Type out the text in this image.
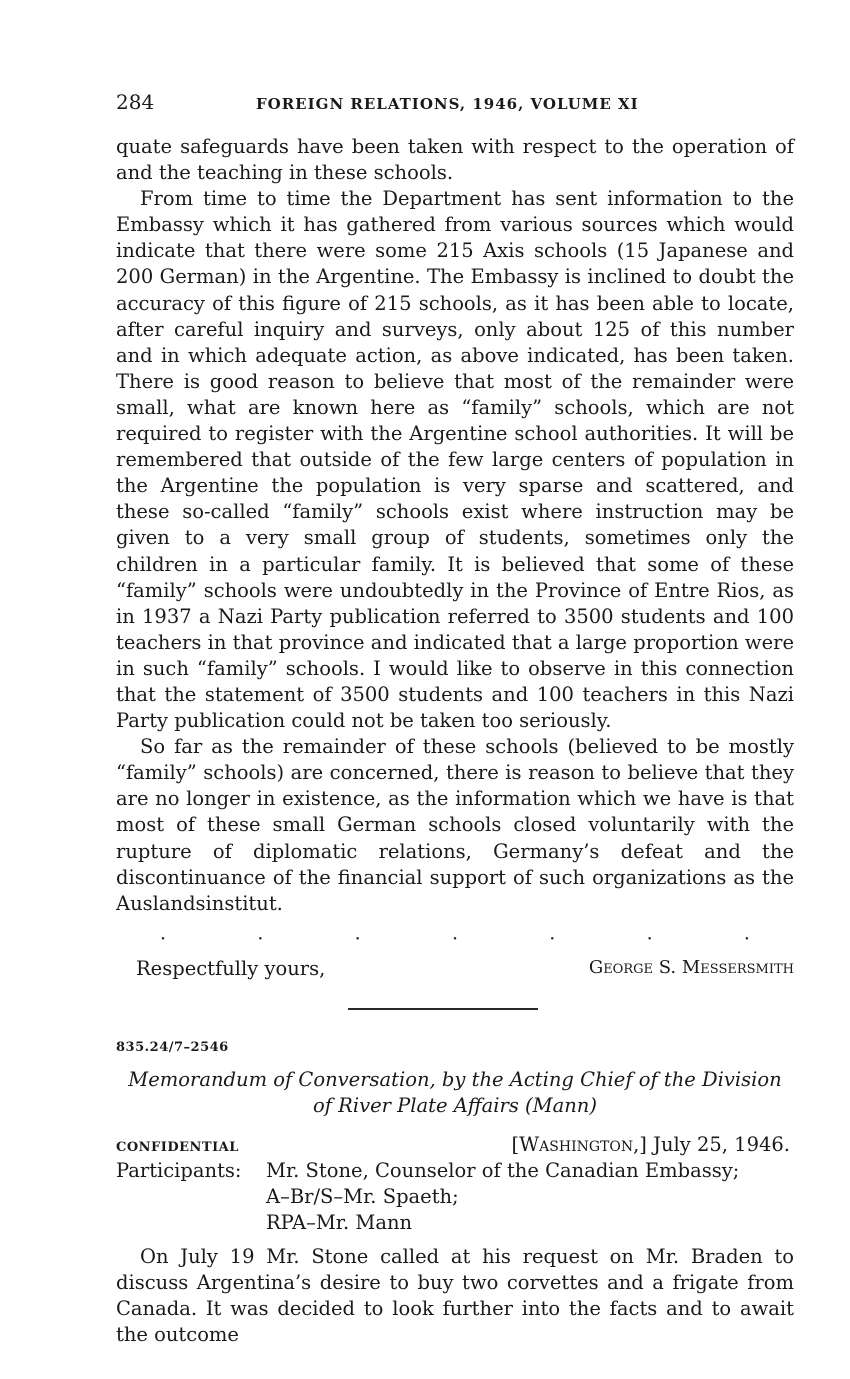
284	FOREIGN RELATIONS, 1946, VOLUME XI

quate safeguards have been taken with respect to the operation of and the teaching in these schools.

From time to time the Department has sent information to the Embassy which it has gathered from various sources which would indicate that there were some 215 Axis schools (15 Japanese and 200 German) in the Argentine. The Embassy is inclined to doubt the accuracy of this figure of 215 schools, as it has been able to locate, after careful inquiry and surveys, only about 125 of this number and in which adequate action, as above indicated, has been taken. There is good reason to believe that most of the remainder were small, what are known here as “family” schools, which are not required to register with the Argentine school authorities. It will be remembered that outside of the few large centers of population in the Argentine the population is very sparse and scattered, and these so-called “family” schools exist where instruction may be given to a very small group of students, sometimes only the children in a particular family. It is believed that some of these “family” schools were undoubtedly in the Province of Entre Rios, as in 1937 a Nazi Party publication referred to 3500 students and 100 teachers in that province and indicated that a large proportion were in such “family” schools. I would like to observe in this connection that the statement of 3500 students and 100 teachers in this Nazi Party publication could not be taken too seriously.

So far as the remainder of these schools (believed to be mostly “family” schools) are concerned, there is reason to believe that they are no longer in existence, as the information which we have is that most of these small German schools closed voluntarily with the rupture of diplomatic relations, Germany’s defeat and the discontinuance of the financial support of such organizations as the Auslandsinstitut.

·	·	·	·	·	·	·
Respectfully yours,	George S. Messersmith
835.24/7–2546
Memorandum of Conversation, by the Acting Chief of the Division
of River Plate Affairs (Mann)
CONFIDENTIAL	[Washington,] July 25, 1946.
Participants:	Mr. Stone, Counselor of the Canadian Embassy;
A–Br/S–Mr. Spaeth;
RPA–Mr. Mann

On July 19 Mr. Stone called at his request on Mr. Braden to discuss Argentina’s desire to buy two corvettes and a frigate from Canada. It was decided to look further into the facts and to await the outcome
